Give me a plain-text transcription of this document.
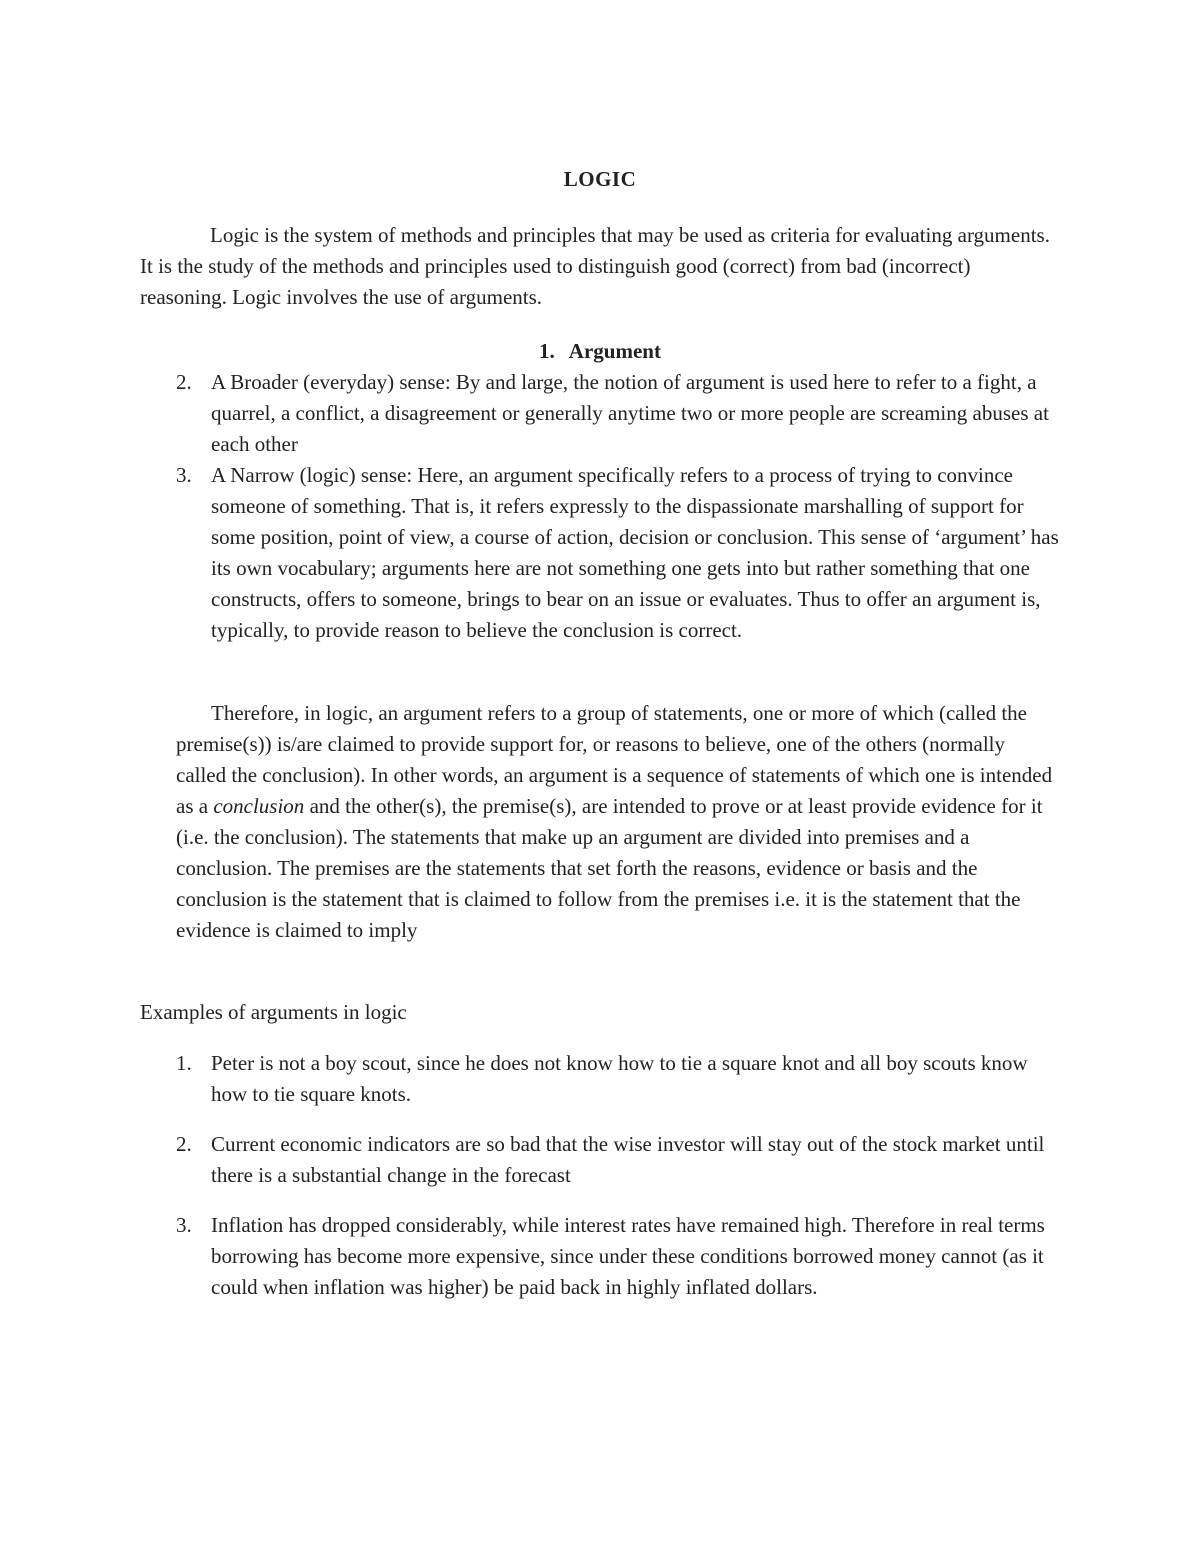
LOGIC

Logic is the system of methods and principles that may be used as criteria for evaluating arguments. It is the study of the methods and principles used to distinguish good (correct) from bad (incorrect) reasoning. Logic involves the use of arguments.

1. Argument

2. A Broader (everyday) sense: By and large, the notion of argument is used here to refer to a fight, a quarrel, a conflict, a disagreement or generally anytime two or more people are screaming abuses at each other
3. A Narrow (logic) sense: Here, an argument specifically refers to a process of trying to convince someone of something. That is, it refers expressly to the dispassionate marshalling of support for some position, point of view, a course of action, decision or conclusion. This sense of ‘argument’ has its own vocabulary; arguments here are not something one gets into but rather something that one constructs, offers to someone, brings to bear on an issue or evaluates. Thus to offer an argument is, typically, to provide reason to believe the conclusion is correct.

Therefore, in logic, an argument refers to a group of statements, one or more of which (called the premise(s)) is/are claimed to provide support for, or reasons to believe, one of the others (normally called the conclusion). In other words, an argument is a sequence of statements of which one is intended as a conclusion and the other(s), the premise(s), are intended to prove or at least provide evidence for it (i.e. the conclusion). The statements that make up an argument are divided into premises and a conclusion. The premises are the statements that set forth the reasons, evidence or basis and the conclusion is the statement that is claimed to follow from the premises i.e. it is the statement that the evidence is claimed to imply

Examples of arguments in logic

1. Peter is not a boy scout, since he does not know how to tie a square knot and all boy scouts know how to tie square knots.
2. Current economic indicators are so bad that the wise investor will stay out of the stock market until there is a substantial change in the forecast
3. Inflation has dropped considerably, while interest rates have remained high. Therefore in real terms borrowing has become more expensive, since under these conditions borrowed money cannot (as it could when inflation was higher) be paid back in highly inflated dollars.
